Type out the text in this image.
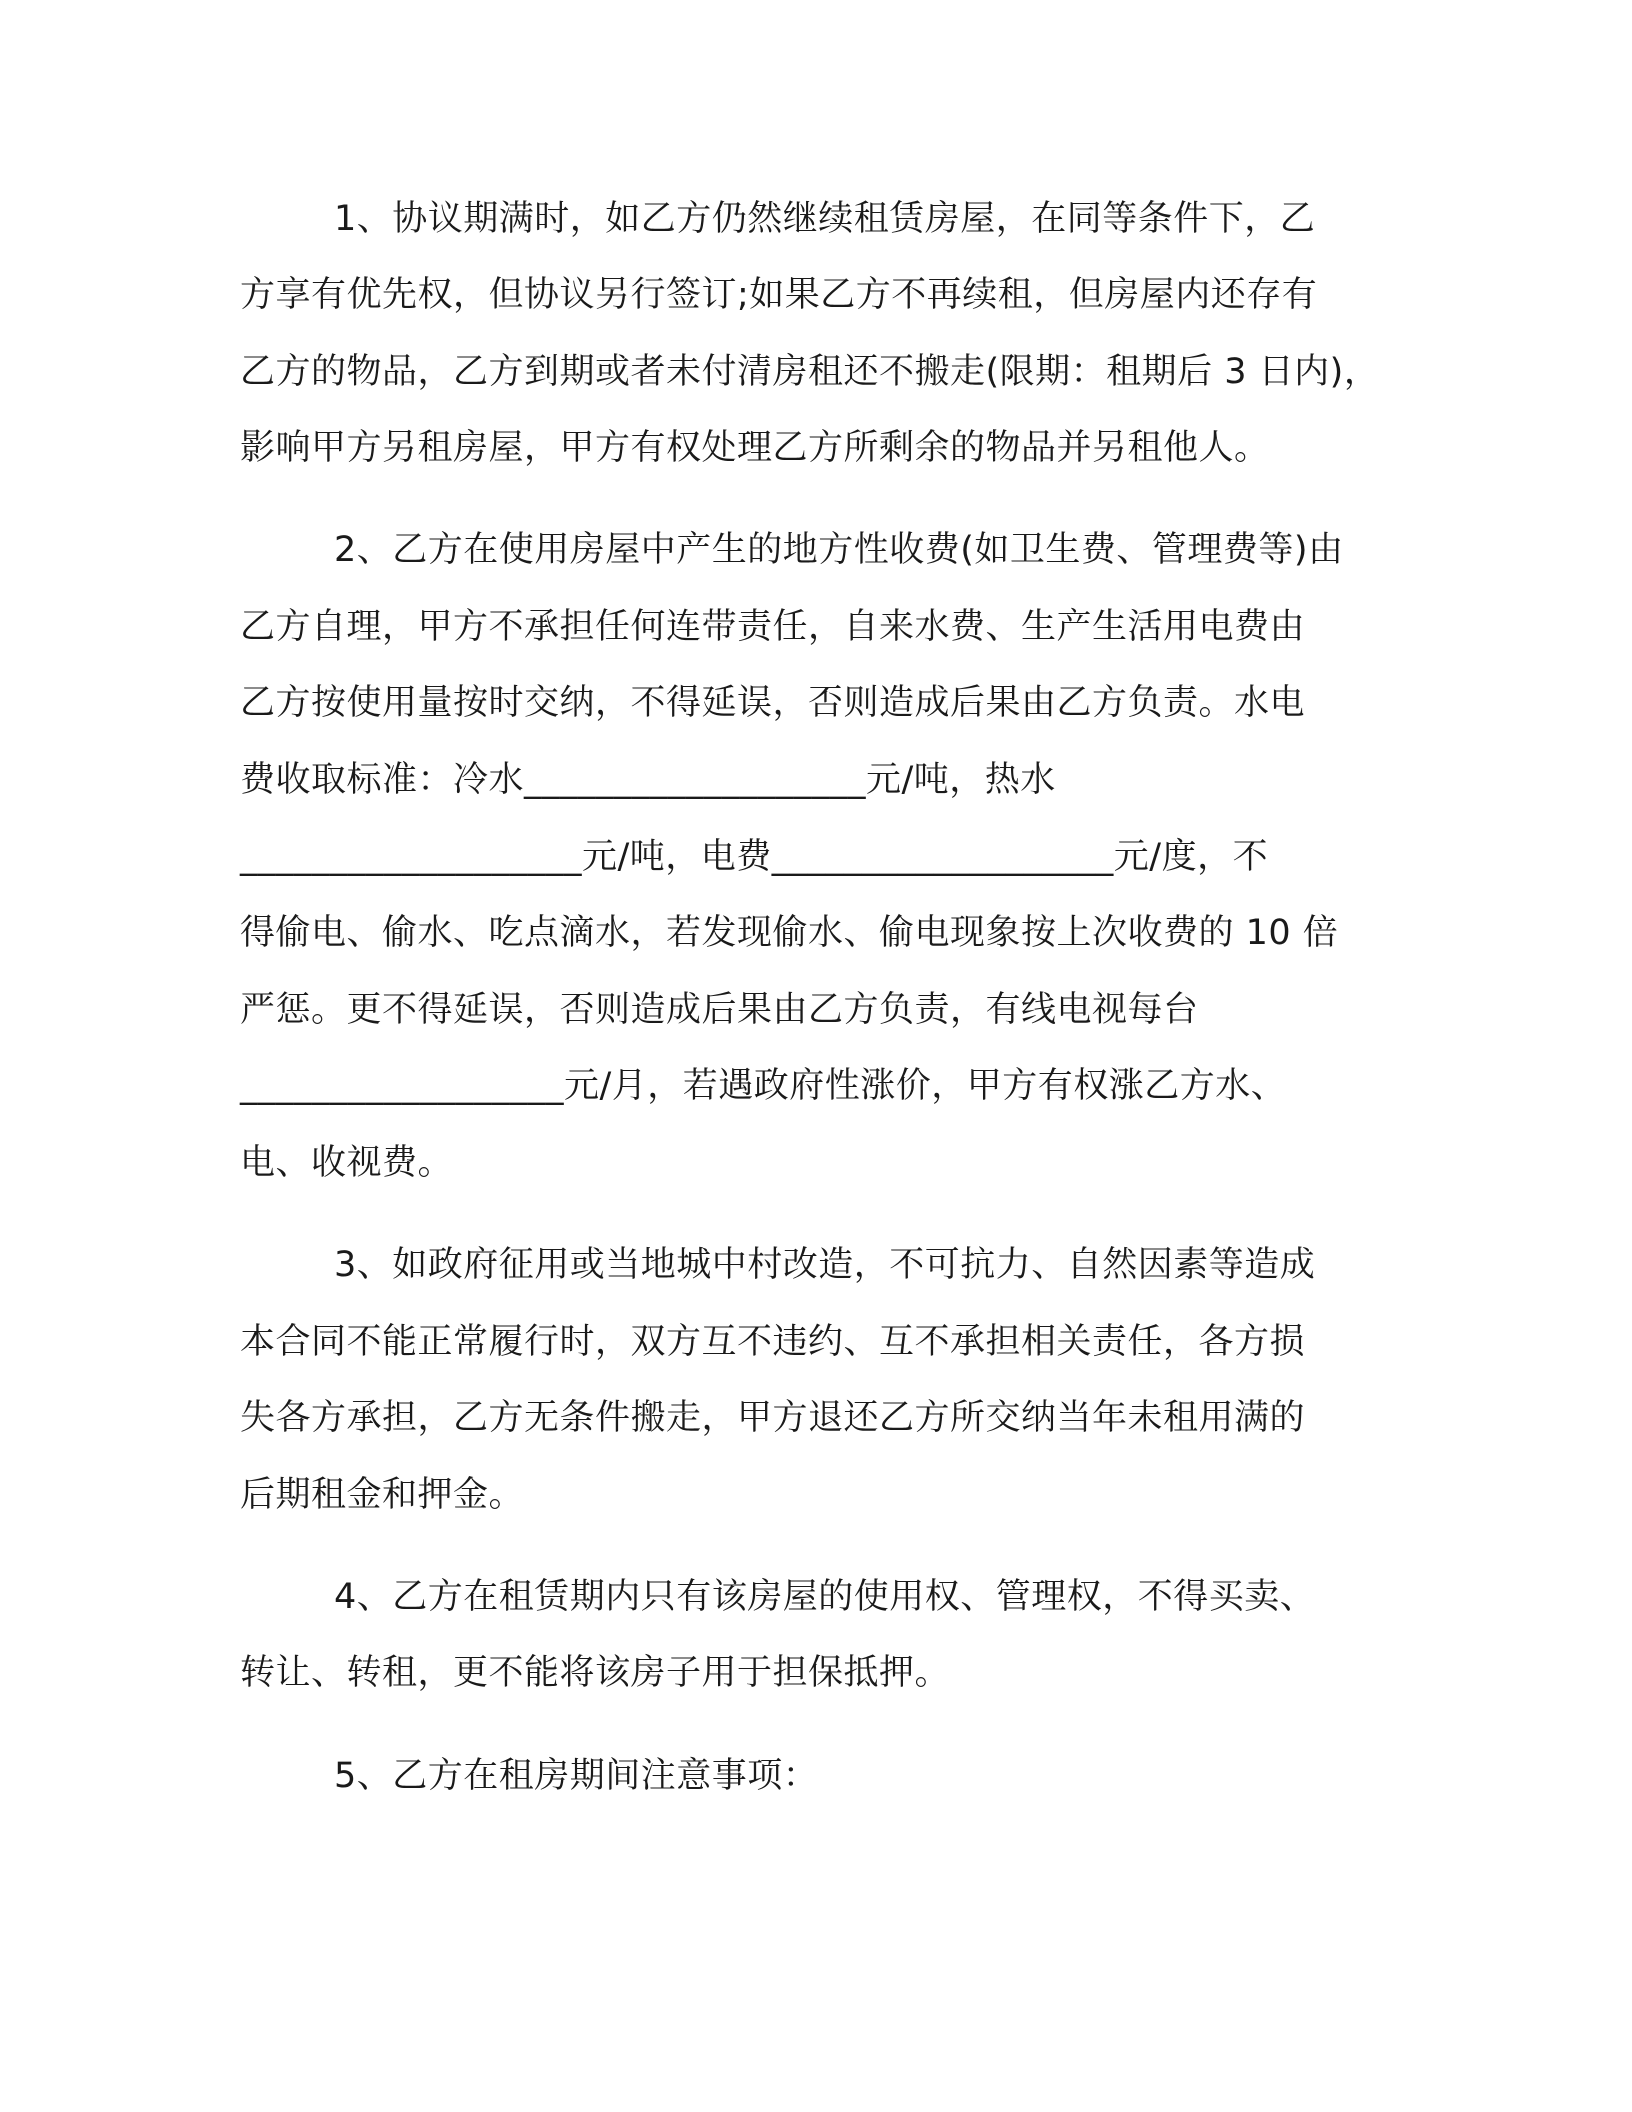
1、协议期满时，如乙方仍然继续租赁房屋，在同等条件下，乙
方享有优先权，但协议另行签订;如果乙方不再续租，但房屋内还存有
乙方的物品，乙方到期或者未付清房租还不搬走(限期：租期后 3 日内)，
影响甲方另租房屋，甲方有权处理乙方所剩余的物品并另租他人。
2、乙方在使用房屋中产生的地方性收费(如卫生费、管理费等)由
乙方自理，甲方不承担任何连带责任，自来水费、生产生活用电费由
乙方按使用量按时交纳，不得延误，否则造成后果由乙方负责。水电
费收取标准：冷水___________________元/吨，热水
___________________元/吨，电费___________________元/度，不
得偷电、偷水、吃点滴水，若发现偷水、偷电现象按上次收费的 10 倍
严惩。更不得延误，否则造成后果由乙方负责，有线电视每台
__________________元/月，若遇政府性涨价，甲方有权涨乙方水、
电、收视费。
3、如政府征用或当地城中村改造，不可抗力、自然因素等造成
本合同不能正常履行时，双方互不违约、互不承担相关责任，各方损
失各方承担，乙方无条件搬走，甲方退还乙方所交纳当年未租用满的
后期租金和押金。
4、乙方在租赁期内只有该房屋的使用权、管理权，不得买卖、
转让、转租，更不能将该房子用于担保抵押。
5、乙方在租房期间注意事项：
